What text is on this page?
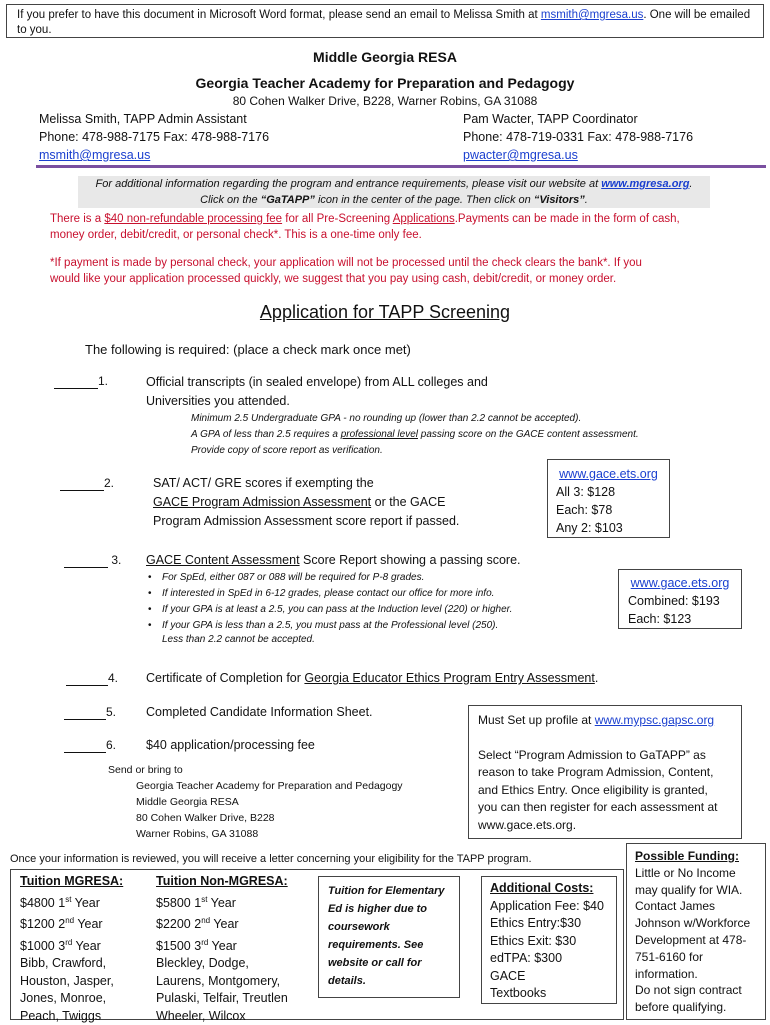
If you prefer to have this document in Microsoft Word format, please send an email to Melissa Smith at msmith@mgresa.us. One will be emailed to you.
Middle Georgia RESA
Georgia Teacher Academy for Preparation and Pedagogy
80 Cohen Walker Drive, B228, Warner Robins, GA 31088
Melissa Smith, TAPP Admin Assistant
Phone: 478-988-7175 Fax: 478-988-7176
msmith@mgresa.us
Pam Wacter, TAPP Coordinator
Phone: 478-719-0331 Fax: 478-988-7176
pwacter@mgresa.us
For additional information regarding the program and entrance requirements, please visit our website at www.mgresa.org.
Click on the “GaTAPP” icon in the center of the page. Then click on “Visitors”.
There is a $40 non-refundable processing fee for all Pre-Screening Applications.Payments can be made in the form of cash,
money order, debit/credit, or personal check*. This is a one-time only fee.
*If payment is made by personal check, your application will not be processed until the check clears the bank*. If you
would like your application processed quickly, we suggest that you pay using cash, debit/credit, or money order.
Application for TAPP Screening
The following is required: (place a check mark once met)
1.	Official transcripts (in sealed envelope) from ALL colleges and
Universities you attended.
Minimum 2.5 Undergraduate GPA - no rounding up (lower than 2.2 cannot be accepted).
A GPA of less than 2.5 requires a professional level passing score on the GACE content assessment.
Provide copy of score report as verification.
2.	SAT/ ACT/ GRE scores if exempting the
GACE Program Admission Assessment or the GACE
Program Admission Assessment score report if passed.
www.gace.ets.org
All 3: $128
Each: $78
Any 2: $103
3. GACE Content Assessment Score Report showing a passing score.
• For SpEd, either 087 or 088 will be required for P-8 grades.
• If interested in SpEd in 6-12 grades, please contact our office for more info.
• If your GPA is at least a 2.5, you can pass at the Induction level (220) or higher.
• If your GPA is less than a 2.5, you must pass at the Professional level (250).
Less than 2.2 cannot be accepted.
www.gace.ets.org
Combined: $193
Each: $123
4. Certificate of Completion for Georgia Educator Ethics Program Entry Assessment.
5. Completed Candidate Information Sheet.
6. $40 application/processing fee
Send or bring to
Georgia Teacher Academy for Preparation and Pedagogy
Middle Georgia RESA
80 Cohen Walker Drive, B228
Warner Robins, GA 31088
Must Set up profile at www.mypsc.gapsc.org
Select “Program Admission to GaTAPP” as
reason to take Program Admission, Content,
and Ethics Entry. Once eligibility is granted,
you can then register for each assessment at
www.gace.ets.org.
Once your information is reviewed, you will receive a letter concerning your eligibility for the TAPP program.
Tuition MGRESA:
$4800 1st Year
$1200 2nd Year
$1000 3rd Year
Bibb, Crawford,
Houston, Jasper,
Jones, Monroe,
Peach, Twiggs
Tuition Non-MGRESA:
$5800 1st Year
$2200 2nd Year
$1500 3rd Year
Bleckley, Dodge,
Laurens, Montgomery,
Pulaski, Telfair, Treutlen
Wheeler, Wilcox
Tuition for Elementary
Ed is higher due to
coursework
requirements. See
website or call for
details.
Additional Costs:
Application Fee: $40
Ethics Entry:$30
Ethics Exit: $30
edTPA: $300
GACE
Textbooks
Possible Funding:
Little or No Income
may qualify for WIA.
Contact James
Johnson w/Workforce
Development at 478-
751-6160 for
information.
Do not sign contract
before qualifying.
